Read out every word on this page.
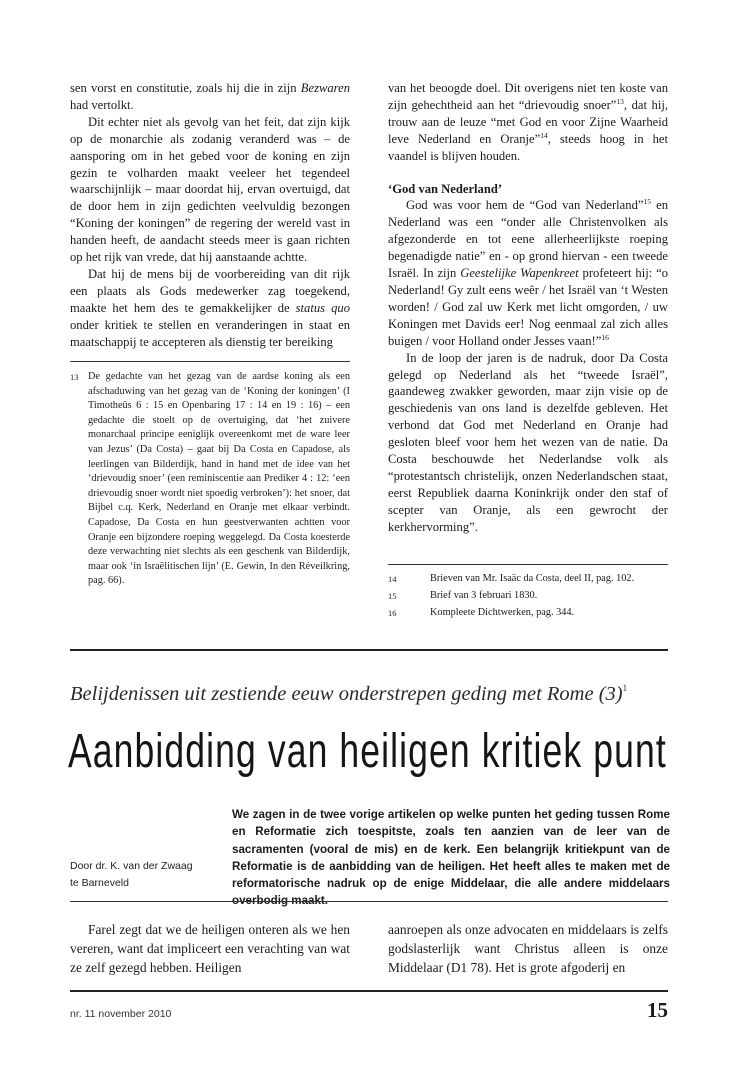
sen vorst en constitutie, zoals hij die in zijn Bezwaren had vertolkt.

Dit echter niet als gevolg van het feit, dat zijn kijk op de monarchie als zodanig veranderd was – de aansporing om in het gebed voor de koning en zijn gezin te volharden maakt veeleer het tegendeel waarschijnlijk – maar doordat hij, ervan overtuigd, dat de door hem in zijn gedichten veelvuldig bezongen “Koning der koningen” de regering der wereld vast in handen heeft, de aandacht steeds meer is gaan richten op het rijk van vrede, dat hij aanstaande achtte.

Dat hij de mens bij de voorbereiding van dit rijk een plaats als Gods medewerker zag toegekend, maakte het hem des te gemakkelijker de status quo onder kritiek te stellen en veranderingen in staat en maatschappij te accepteren als dienstig ter bereiking

13 De gedachte van het gezag van de aardse koning als een afschaduwing van het gezag van de ‘Koning der koningen’ (I Timotheüs 6 : 15 en Openbaring 17 : 14 en 19 : 16) – een gedachte die stoelt op de overtuiging, dat ‘het zuivere monarchaal principe eeniglijk overeenkomt met de ware leer van Jezus’ (Da Costa) – gaat bij Da Costa en Capadose, als leerlingen van Bilderdijk, hand in hand met de idee van het ‘drievoudig snoer’ (een reminiscentie aan Prediker 4 : 12: ‘een drievoudig snoer wordt niet spoedig verbroken’): het snoer, dat Bijbel c.q. Kerk, Nederland en Oranje met elkaar verbindt. Capadose, Da Costa en hun geestverwanten achtten voor Oranje een bijzondere roeping weggelegd. Da Costa koesterde deze verwachting niet slechts als een geschenk van Bilderdijk, maar ook ‘in Israëlitischen lijn’ (E. Gewin, In den Réveilkring, pag. 66).

van het beoogde doel. Dit overigens niet ten koste van zijn gehechtheid aan het “drievoudig snoer”$^{13}$, dat hij, trouw aan de leuze “met God en voor Zijne Waarheid leve Nederland en Oranje”$^{14}$, steeds hoog in het vaandel is blijven houden.

‘God van Nederland’

God was voor hem de “God van Nederland”$^{15}$ en Nederland was een “onder alle Christenvolken als afgezonderde en tot eene allerheerlijkste roeping begenadigde natie” en - op grond hiervan - een tweede Israël. In zijn Geestelijke Wapenkreet profeteert hij: “o Nederland! Gy zult eens weêr / het Israël van ‘t Westen worden! / God zal uw Kerk met licht omgorden, / uw Koningen met Davids eer! Nog eenmaal zal zich alles buigen / voor Holland onder Jesses vaan!”$^{16}$

In de loop der jaren is de nadruk, door Da Costa gelegd op Nederland als het “tweede Israël”, gaandeweg zwakker geworden, maar zijn visie op de geschiedenis van ons land is dezelfde gebleven. Het verbond dat God met Nederland en Oranje had gesloten bleef voor hem het wezen van de natie. Da Costa beschouwde het Nederlandse volk als “protestantsch christelijk, onzen Nederlandschen staat, eerst Republiek daarna Koninkrijk onder den staf of scepter van Oranje, als een gewrocht der kerkhervorming”.

14	Brieven van Mr. Isaäc da Costa, deel II, pag. 102.
15	Brief van 3 februari 1830.
16	Kompleete Dichtwerken, pag. 344.
Belijdenissen uit zestiende eeuw onderstrepen geding met Rome $(3)^1$
Aanbidding van heiligen kritiek punt
Door dr. K. van der Zwaag
te Barneveld
We zagen in de twee vorige artikelen op welke punten het geding tussen Rome en Reformatie zich toespitste, zoals ten aanzien van de leer van de sacramenten (vooral de mis) en de kerk. Een belangrijk kritiekpunt van de Reformatie is de aanbidding van de heiligen. Het heeft alles te maken met de reformatorische nadruk op de enige Middelaar, die alle andere middelaars overbodig maakt.

Farel zegt dat we de heiligen onteren als we hen vereren, want dat impliceert een verachting van wat ze zelf gezegd hebben. Heiligen

aanroepen als onze advocaten en middelaars is zelfs godslasterlijk want Christus alleen is onze Middelaar (D1 78). Het is grote afgoderij en

nr. 11 november 2010	15
